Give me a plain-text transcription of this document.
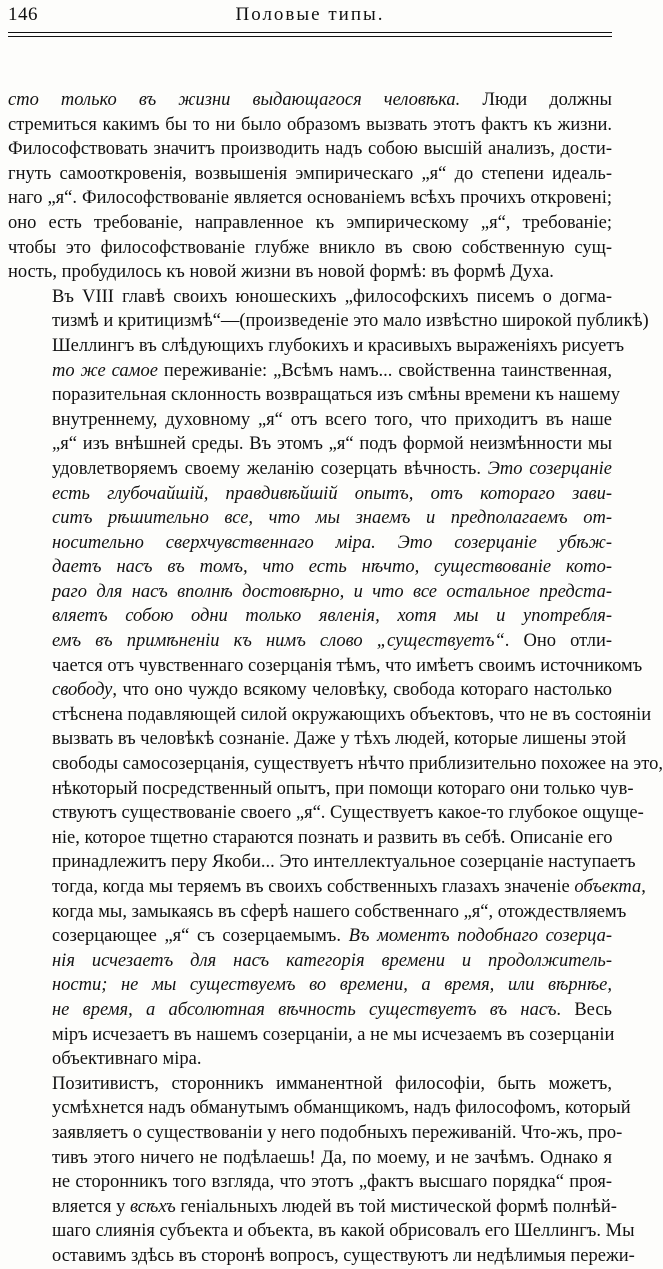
146	Половые типы.

сто только въ жизни выдающагося человѣка. Люди должны
стремиться какимъ бы то ни было образомъ вызвать этотъ фактъ къ жизни.
Философствовать значитъ производить надъ собою высшій анализъ, дости-
гнуть самооткровенія, возвышенія эмпирическаго „я“ до степени идеаль-
наго „я“. Философствованіе является основаніемъ всѣхъ прочихъ откровені;
оно есть требованіе, направленное къ эмпирическому „я“, требованіе;
чтобы это философствованіе глубже вникло въ свою собственную сущ-
ность, пробудилось къ новой жизни въ новой формѣ: въ формѣ Духа.

Въ VIII главѣ своихъ юношескихъ „философскихъ писемъ о догма-
тизмѣ и критицизмѣ“—(произведеніе это мало извѣстно широкой публикѣ)
Шеллингъ въ слѣдующихъ глубокихъ и красивыхъ выраженіяхъ рисуетъ
то же самое переживаніе: „Всѣмъ намъ... свойственна таинственная,
поразительная склонность возвращаться изъ смѣны времени къ нашему
внутреннему, духовному „я“ отъ всего того, что приходитъ въ наше
„я“ изъ внѣшней среды. Въ этомъ „я“ подъ формой неизмѣнности мы
удовлетворяемъ своему желанію созерцать вѣчность. Это созерцаніе
есть глубочайшій, правдивѣйшій опытъ, отъ котораго зави-
ситъ рѣшительно все, что мы знаемъ и предполагаемъ от-
носительно сверхчувственнаго міра. Это созерцаніе убѣж-
даетъ насъ въ томъ, что есть нѣчто, существованіе кото-
раго для насъ вполнѣ достовѣрно, и что все остальное предста-
вляетъ собою одни только явленія, хотя мы и употребля-
емъ въ примѣненіи къ нимъ слово „существуетъ“. Оно отли-
чается отъ чувственнаго созерцанія тѣмъ, что имѣетъ своимъ источникомъ
свободу, что оно чуждо всякому человѣку, свобода котораго настолько
стѣснена подавляющей силой окружающихъ объектовъ, что не въ состояніи
вызвать въ человѣкѣ сознаніе. Даже у тѣхъ людей, которые лишены этой
свободы самосозерцанія, существуетъ нѣчто приблизительно похожее на это,
нѣкоторый посредственный опытъ, при помощи котораго они только чув-
ствуютъ существованіе своего „я“. Существуетъ какое-то глубокое ощуще-
ніе, которое тщетно стараются познать и развить въ себѣ. Описаніе его
принадлежитъ перу Якоби... Это интеллектуальное созерцаніе наступаетъ
тогда, когда мы теряемъ въ своихъ собственныхъ глазахъ значеніе объекта,
когда мы, замыкаясь въ сферѣ нашего собственнаго „я“, отождествляемъ
созерцающее „я“ съ созерцаемымъ. Въ моментъ подобнаго созерца-
нія исчезаетъ для насъ категорія времени и продолжитель-
ности; не мы существуемъ во времени, а время, или вѣрнѣе,
не время, а абсолютная вѣчность существуетъ въ насъ. Весь
міръ исчезаетъ въ нашемъ созерцаніи, а не мы исчезаемъ въ созерцаніи
объективнаго міра.

Позитивистъ, сторонникъ имманентной философіи, быть можетъ,
усмѣхнется надъ обманутымъ обманщикомъ, надъ философомъ, который
заявляетъ о существованіи у него подобныхъ переживаній. Что-жъ, про-
тивъ этого ничего не подѣлаешь! Да, по моему, и не зачѣмъ. Однако я
не сторонникъ того взгляда, что этотъ „фактъ высшаго порядка“ проя-
вляется у всѣхъ геніальныхъ людей въ той мистической формѣ полнѣй-
шаго слиянія субъекта и объекта, въ какой обрисовалъ его Шеллингъ. Мы
оставимъ здѣсь въ сторонѣ вопросъ, существуютъ ли недѣлимыя пережи-
